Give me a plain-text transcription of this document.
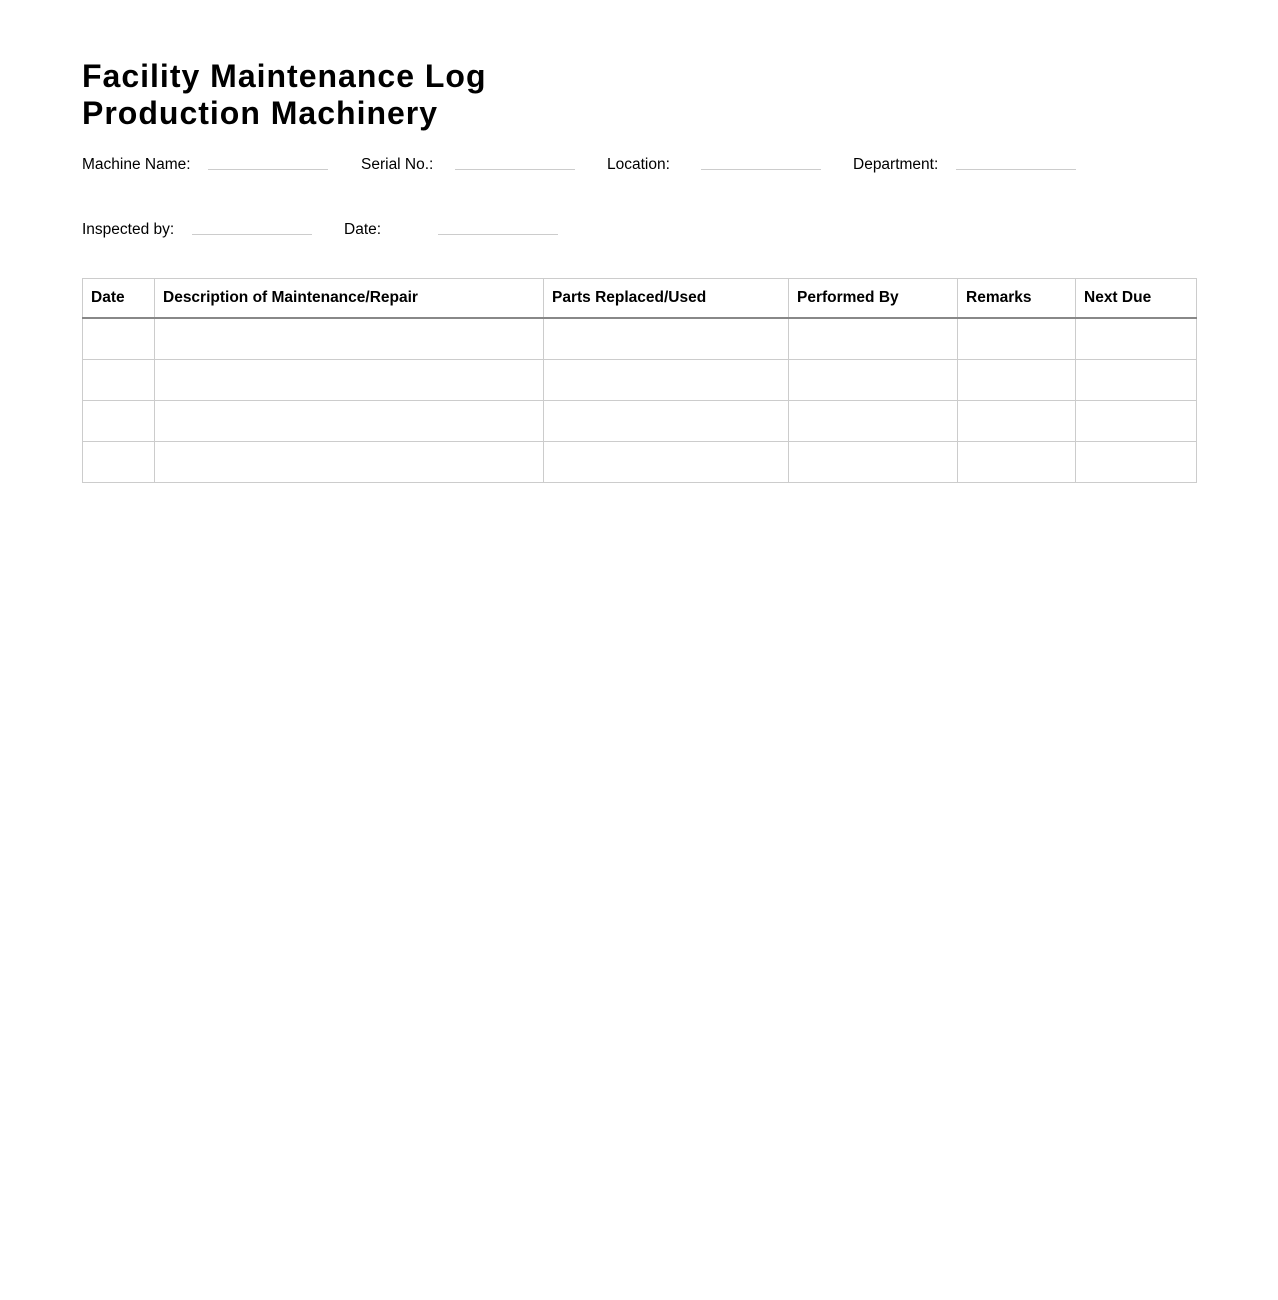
Facility Maintenance Log
Production Machinery
Machine Name:	Serial No.:	Location:	Department:
Inspected by:	Date:
Date	Description of Maintenance/Repair	Parts Replaced/Used	Performed By	Remarks	Next Due
